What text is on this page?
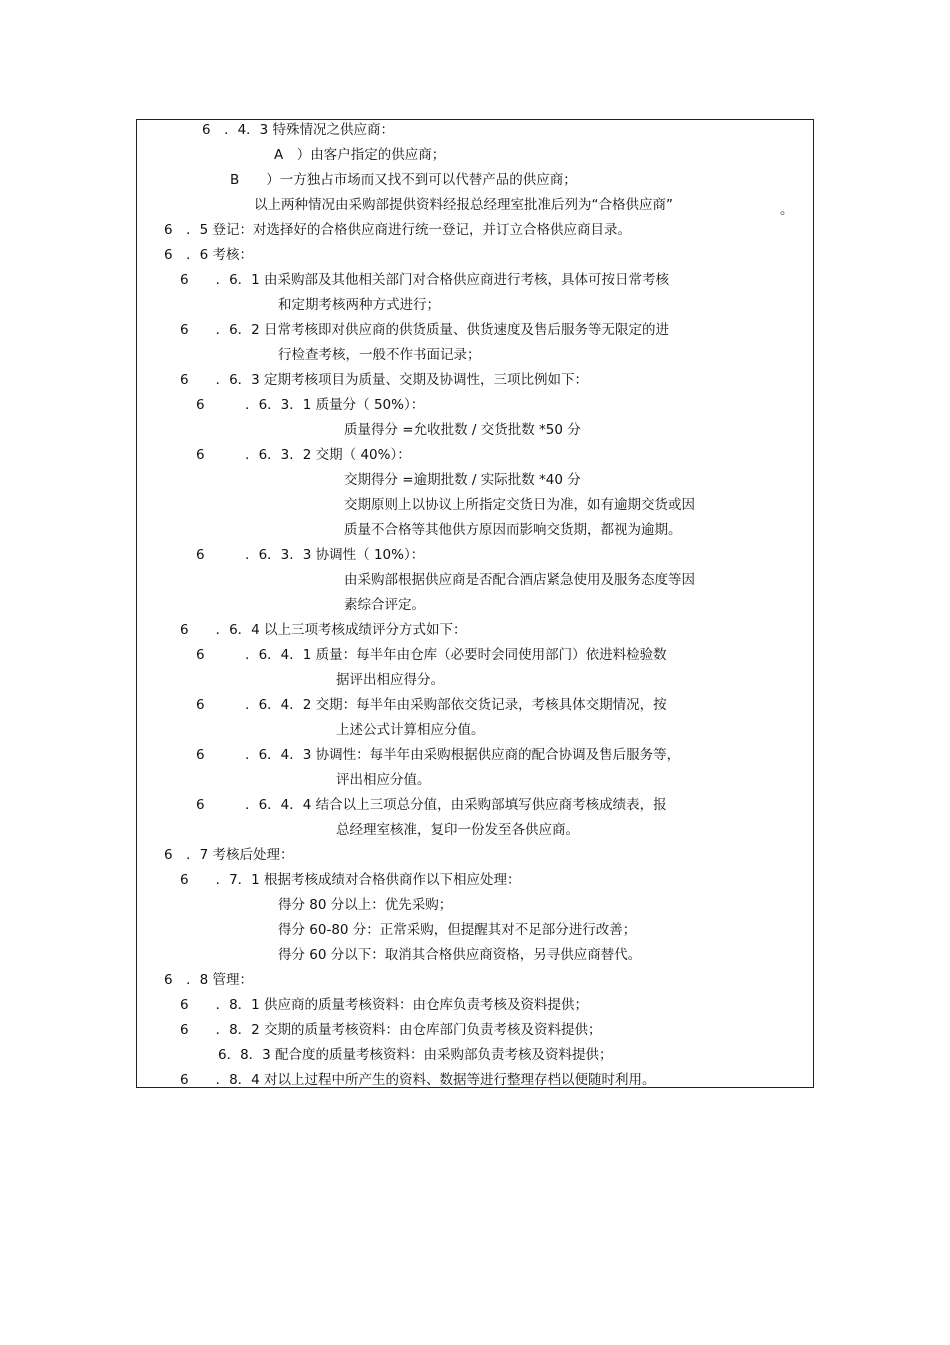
6　．4．3 特殊情况之供应商：
A　）由客户指定的供应商；
B　　）一方独占市场而又找不到可以代替产品的供应商；
以上两种情况由采购部提供资料经报总经理室批准后列为“合格供应商”	。
6　．5 登记：对选择好的合格供应商进行统一登记，并订立合格供应商目录。
6　．6 考核：
6　　．6．1 由采购部及其他相关部门对合格供应商进行考核，具体可按日常考核
和定期考核两种方式进行；
6　　．6．2 日常考核即对供应商的供货质量、供货速度及售后服务等无限定的进
行检查考核，一般不作书面记录；
6　　．6．3 定期考核项目为质量、交期及协调性，三项比例如下：
6　　　．6．3．1 质量分（ 50%）：
质量得分 =允收批数 / 交货批数 *50 分
6　　　．6．3．2 交期（ 40%）：
交期得分 =逾期批数 / 实际批数 *40 分
交期原则上以协议上所指定交货日为准，如有逾期交货或因
质量不合格等其他供方原因而影响交货期，都视为逾期。
6　　　．6．3．3 协调性（ 10%）：
由采购部根据供应商是否配合酒店紧急使用及服务态度等因
素综合评定。
6　　．6．4 以上三项考核成绩评分方式如下：
6　　　．6．4．1 质量：每半年由仓库（必要时会同使用部门）依进料检验数
据评出相应得分。
6　　　．6．4．2 交期：每半年由采购部依交货记录，考核具体交期情况，按
上述公式计算相应分值。
6　　　．6．4．3 协调性：每半年由采购根据供应商的配合协调及售后服务等，
评出相应分值。
6　　　．6．4．4 结合以上三项总分值，由采购部填写供应商考核成绩表，报
总经理室核准，复印一份发至各供应商。
6　．7 考核后处理：
6　　．7．1 根据考核成绩对合格供商作以下相应处理：
得分 80 分以上：优先采购；
得分 60-80 分：正常采购，但提醒其对不足部分进行改善；
得分 60 分以下：取消其合格供应商资格，另寻供应商替代。
6　．8 管理：
6　　．8．1 供应商的质量考核资料：由仓库负责考核及资料提供；
6　　．8．2 交期的质量考核资料：由仓库部门负责考核及资料提供；
6．8．3 配合度的质量考核资料：由采购部负责考核及资料提供；
6　　．8．4 对以上过程中所产生的资料、数据等进行整理存档以便随时利用。
